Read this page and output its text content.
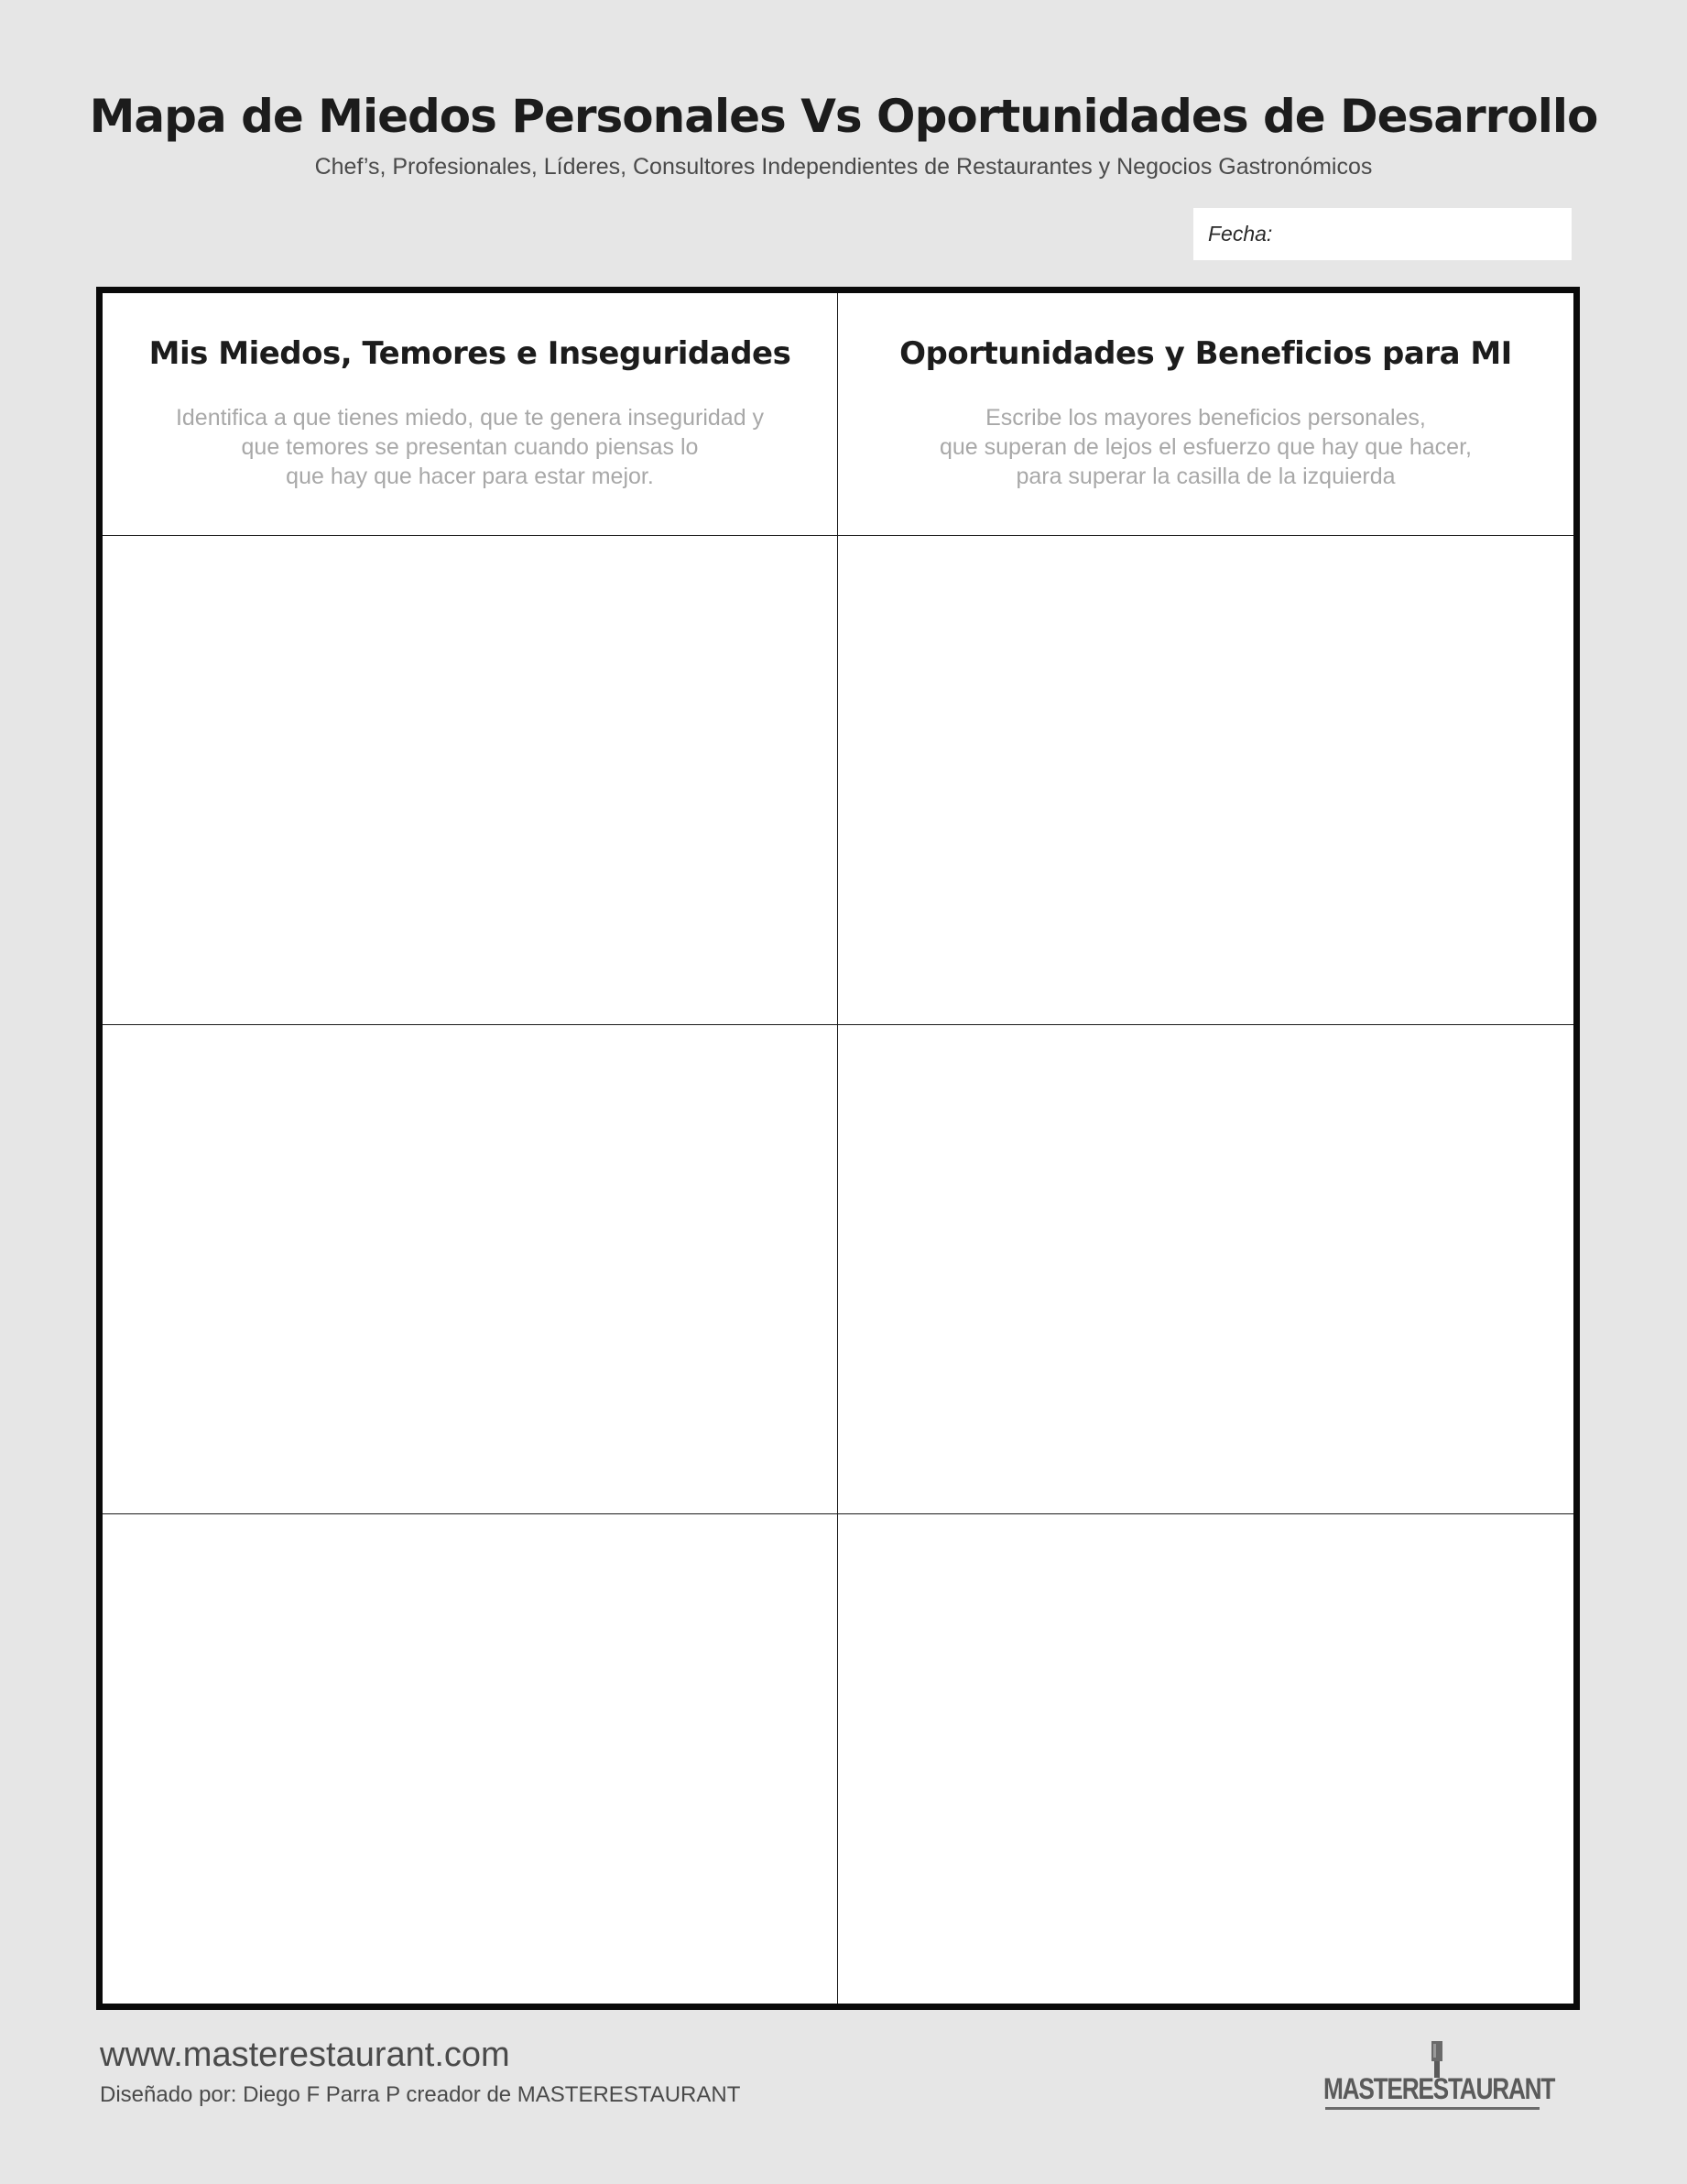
Mapa de Miedos Personales Vs Oportunidades de Desarrollo

Chef’s, Profesionales, Líderes, Consultores Independientes de Restaurantes y Negocios Gastronómicos

Fecha:
Mis Miedos, Temores e Inseguridades

Identifica a que tienes miedo, que te genera inseguridad y
que temores se presentan cuando piensas lo
que hay que hacer para estar mejor.

Oportunidades y Beneficios para MI

Escribe los mayores beneficios personales,
que superan de lejos el esfuerzo que hay que hacer,
para superar la casilla de la izquierda

www.masterestaurant.com

Diseñado por: Diego F Parra P creador de MASTERESTAURANT	MASTERESTAURANT
